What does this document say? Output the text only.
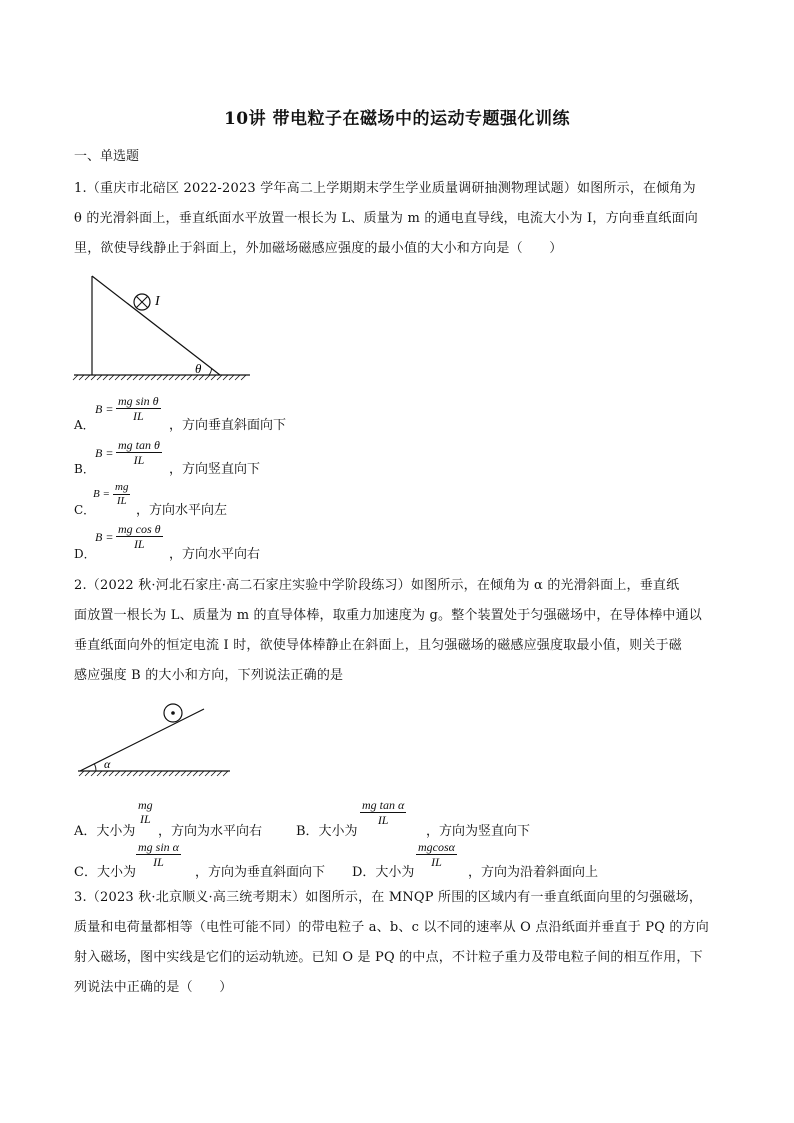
10讲 带电粒子在磁场中的运动专题强化训练
一、单选题
1.（重庆市北碚区 2022-2023 学年高二上学期期末学生学业质量调研抽测物理试题）如图所示，在倾角为
θ 的光滑斜面上，垂直纸面水平放置一根长为 L、质量为 m 的通电直导线，电流大小为 I，方向垂直纸面向
里，欲使导线静止于斜面上，外加磁场磁感应强度的最小值的大小和方向是（　　）
I
θ
A．
$B = \frac{\text{mg sin θ}}{IL}$
，方向垂直斜面向下
B．
$B = \frac{\text{mg tan θ}}{IL}$
，方向竖直向下
C．
$B = \frac{mg}{IL}$
，方向水平向左
D．
$B = \frac{\text{mg cos θ}}{IL}$
，方向水平向右
2.（2022 秋·河北石家庄·高二石家庄实验中学阶段练习）如图所示，在倾角为 α 的光滑斜面上，垂直纸
面放置一根长为 L、质量为 m 的直导体棒，取重力加速度为 g。整个装置处于匀强磁场中，在导体棒中通以
垂直纸面向外的恒定电流 I 时，欲使导体棒静止在斜面上，且匀强磁场的磁感应强度取最小值，则关于磁
感应强度 B 的大小和方向，下列说法正确的是
α
A．大小为
mg
IL
，方向为水平向右	B．大小为
$\frac{\text{mg tan α}}{IL}$
，方向为竖直向下
C．大小为
$\frac{\text{mg sin α}}{IL}$
，方向为垂直斜面向下 D．大小为
$\frac{mgcos\alpha}{IL}$
，方向为沿着斜面向上
3.（2023 秋·北京顺义·高三统考期末）如图所示，在 MNQP 所围的区域内有一垂直纸面向里的匀强磁场，
质量和电荷量都相等（电性可能不同）的带电粒子 a、b、c 以不同的速率从 O 点沿纸面并垂直于 PQ 的方向
射入磁场，图中实线是它们的运动轨迹。已知 O 是 PQ 的中点，不计粒子重力及带电粒子间的相互作用，下
列说法中正确的是（　　）
